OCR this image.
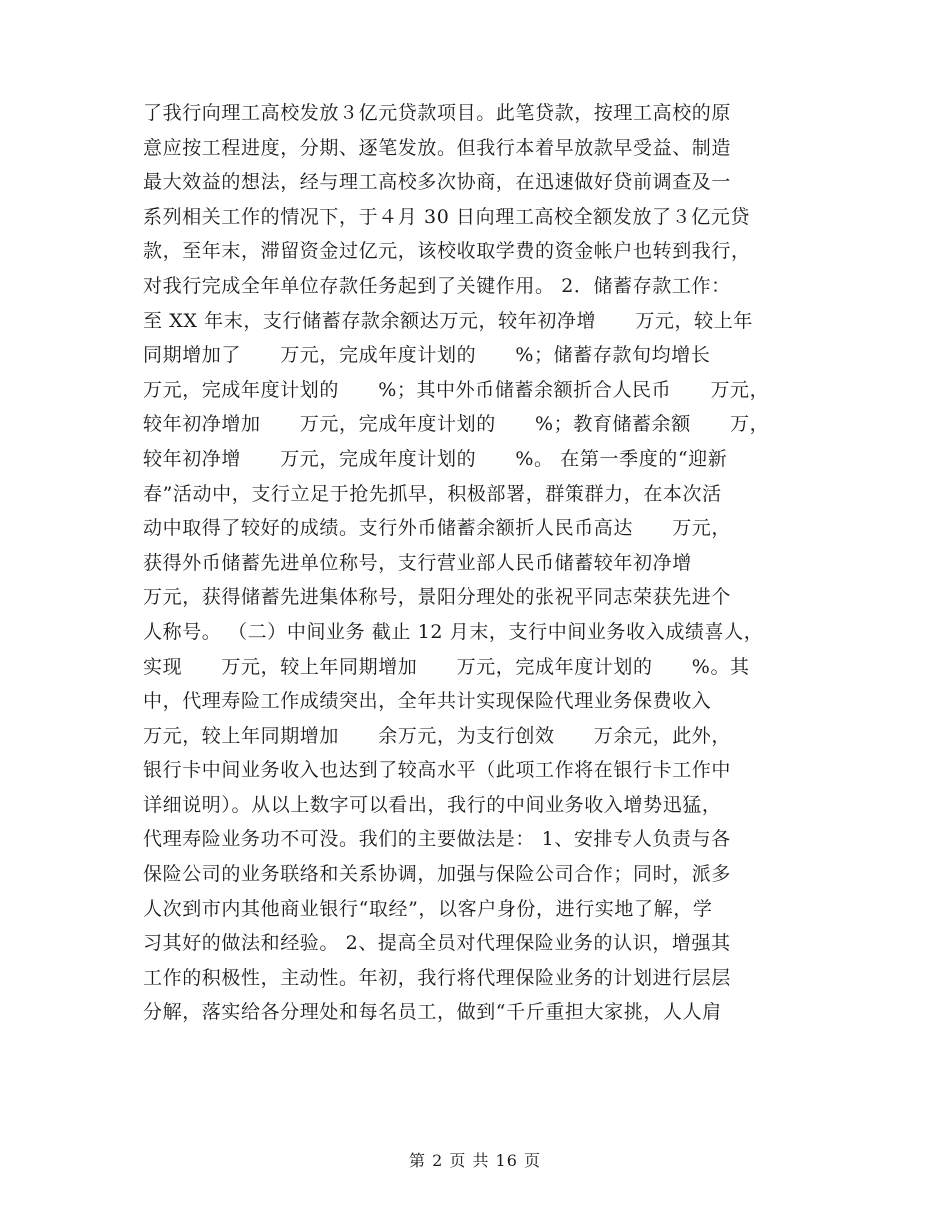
了我行向理工高校发放３亿元贷款项目。此笔贷款，按理工高校的原
意应按工程进度，分期、逐笔发放。但我行本着早放款早受益、制造
最大效益的想法，经与理工高校多次协商，在迅速做好贷前调查及一
系列相关工作的情况下，于４月 30 日向理工高校全额发放了３亿元贷
款，至年末，滞留资金过亿元，该校收取学费的资金帐户也转到我行，
对我行完成全年单位存款任务起到了关键作用。 2．储蓄存款工作：
至 XX 年末，支行储蓄存款余额达万元，较年初净增　　万元，较上年
同期增加了　　万元，完成年度计划的　　%；储蓄存款旬均增长
万元，完成年度计划的　　%；其中外币储蓄余额折合人民币　　万元，
较年初净增加　　万元，完成年度计划的　　%；教育储蓄余额　　万，
较年初净增　　万元，完成年度计划的　　%。 在第一季度的“迎新
春”活动中，支行立足于抢先抓早，积极部署，群策群力，在本次活
动中取得了较好的成绩。支行外币储蓄余额折人民币高达　　万元，
获得外币储蓄先进单位称号，支行营业部人民币储蓄较年初净增
万元，获得储蓄先进集体称号，景阳分理处的张祝平同志荣获先进个
人称号。 （二）中间业务 截止 12 月末，支行中间业务收入成绩喜人，
实现　　万元，较上年同期增加　　万元，完成年度计划的　　%。其
中，代理寿险工作成绩突出，全年共计实现保险代理业务保费收入
万元，较上年同期增加　　余万元，为支行创效　　万余元，此外，
银行卡中间业务收入也达到了较高水平（此项工作将在银行卡工作中
详细说明）。从以上数字可以看出，我行的中间业务收入增势迅猛，
代理寿险业务功不可没。我们的主要做法是： 1、安排专人负责与各
保险公司的业务联络和关系协调，加强与保险公司合作；同时，派多
人次到市内其他商业银行“取经”，以客户身份，进行实地了解，学
习其好的做法和经验。 2、提高全员对代理保险业务的认识，增强其
工作的积极性，主动性。年初，我行将代理保险业务的计划进行层层
分解，落实给各分理处和每名员工，做到“千斤重担大家挑，人人肩
第 2 页 共 16 页
